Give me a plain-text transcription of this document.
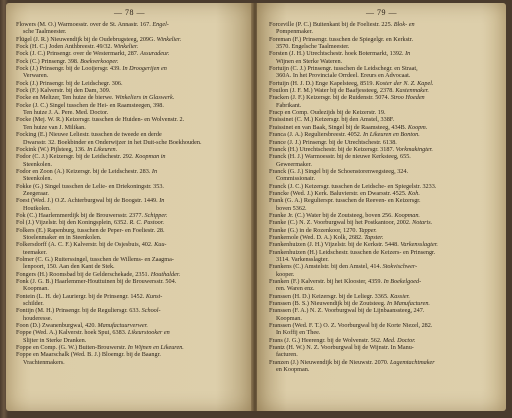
— 78 —
Flowers (M. O.) Warmoesstr. over de St. Annastr. 167. Engel-
sche Taalmeester.
Flügel (J. R.) Nieuwendijk bij de Oudebrugsteeg, 209G. Winkelier.
Fock (H. C.) Joden Anthbreestr. 49/32. Winkelier.
Fock (J. C.) Prinsengr. over de Westermarkt, 287. Assuradeur.
Fock (C.) Prinsengr. 398. Boekverkooper.
Fock (J.) Prinsengr. bij de Looijersgr. 439. In Droogerijen en
Verwaren.
Fock (J.) Prinsengr. bij de Leidschegr. 306.
Fock (F.) Kalverstr. bij den Dam, 309.
Focke en Meltzer, Ten huize de bierwe. Winkeliers in Glaswerk.
Focke (J. C.) Singel tusschen de Hei- en Raamsteegen, 398.
Ten huize J. A. Pere. Med. Doctor.
Focke (Mej. W. R.) Keizersgr. tusschen de Huiden- en Wolvenstr. 2.
Ten huize van J. Milikan.
Focking (E.) Nieuwe Leliestr. tusschen de tweede en derde
Dwarsstr. 32. Boekbinder en Onderwijzer in het Duit-sche Boekhouden.
Fockink (W.) Pijlsteeg, 136. In Likeuren.
Fodor (C. J.) Keizersgr. bij de Leidschestr. 292. Koopman in
Steenkolen.
Fodor en Zoon (A.) Keizersgr. bij de Leidschestr. 283. In
Steenkolen.
Fokke (G.) Singel tusschen de Lelie- en Driekoningstr. 353.
Zeegeraar.
Foest (Wed. J.) O.Z. Achterburgwal bij de Boogstr. 1449. In
Houtkolen.
Fok (C.) Haarlemmerdijk bij de Brouwersstr. 2377. Schipper.
Fol (J.) Vijzelstr. bij den Koningsplein, 6352. R. C. Pastoor.
Folkers (E.) Rapenburg, tusschen de Peper- en Foeliestr. 28.
Stoelenmaker en in Steenkolen.
Folkersdorff (A. C. F.) Kalverstr. bij de Osjesbuis, 402. Kuu-
teemaker.
Folmer (C. G.) Ruiterssingel, tusschen de Willems- en Zaagma-
lenpoort, 150. Aan den Kant de Stek.
Fongers (H.) Roomsbad bij de Gelderschekade, 2351. Houthalder.
Fonk (J. G. B.) Haarlemmer-Houttuinen bij de Brouwersstr. 504.
Koopman.
Fontein (L. H. de) Lauriergr. bij de Prinsengr. 1452. Kunst-
schilder.
Fontijn (M. H.) Prinsengr. bij de Reguliersgr. 633. School-
houderesse.
Foon (D.) Zwanenburgwal, 420. Manufactuurverwer.
Foppe (Wed. A.) Kalverstr. hoek Spui, 6383. Likeurstooker en
Slijter in Sterke Dranken.
Foppe en Comp. (G. W.) Buiten-Brouwerstr. In Wijnen en Likeuren.
Foppe en Maarschalk (Wed. B. J.) Bloemgr. bij de Baangr.
Vrachtenmakers.
— 79 —
Forceville (P. C.) Buitenkant bij de Foeliestr. 225. Blok- en
Pompenmaker.
Foreman (F.) Prinsengr. tusschen de Spiegelgr. en Kerkstr.
3570. Engelsche Taalmeester.
Forsten (J. H.) Utrechtschestr. hoek Botermarkt, 1392. In
Wijnen en Sterke Wateren.
Fortuijn (C. J.) Prinsengr. tusschen de Leidschegr. en Straat,
360A. In het Provinciale Orrdeel. Ereurs en Advocaat.
Fortuijn (H. J. D.) Enge Kapelsteeg, 8519. Koster der N. Z. Kapel.
Fouilon (J. F. M.) Water bij de Baafjessteeg, 2378. Kastenmaker.
Fracken (J. F.) Keizersgr. bij de Ruidenstr. 5074. Stroo Hoeden
Fabrikant.
Fracp en Comp. Oudezijds bij de Keizerstr. 19.
Fraissinet (C. M.) Keizersgr. bij den Amstel, 338F.
Fraissinet en van Baak, Singel bij de Raamsteeg, 434B. Koopm.
Franca (J. A.) Reguliersbreestr. 4052. In Likeuren en Bonton.
France (J. J.) Prinsengr. bij de Utrechtschestr. 6138.
Franck (H.) Utrechtschestr. bij de Keizersgr. 3187. Vorkmakingter.
Franck (H. J.) Warmoesstr. bij de nieuwe Kerksteeg, 655.
Geweermaker.
Franck (G. J.) Singel bij de Schoenstorenwegsteeg, 324.
Commissionair.
Franck (J. C.) Keizersgr. tusschen de Leidsche- en Spiegelstr. 3233.
Francke (Wed. J.) Kerk. Baluvierstr. en Dwarsstr. 4525. Koh.
Frank (G. A.) Regulierspr. tusschen de Reeven- en Keizersgr.
boven 5362.
Franke Jr. (C.) Water bij de Zoutsteeg, boven 256. Koopman.
Franke (C.) N. Z. Voorburgwal bij het Postkantoor, 2002. Notaris.
Franke (G.) in de Rozenkoor, 1270. Tapper.
Frankemole (Wed. D. A.) Kolk, 2682. Tapster.
Frankenhuizen (J. H.) Vijzelstr. bij de Kerkstr. 5448. Varkensslagter.
Frankenhuizen (H.) Leidschestr. tusschen de Keizers- en Prinsengr.
3114. Varkensslagter.
Frankens (C.) Amstelstr. bij den Amstel, 414. Stokvischwer-
kooper.
Franken (F.) Kalverstr. bij het Klooster, 4359. In Boekelgoed-
ren. Waren enz.
Franssen (H. D.) Keizersgr. bij de Leliegr. 3365. Kassier.
Franssen (B. S.) Nieuwendijk bij de Zoutsteeg. In Manufacturen.
Franssen (F. A.) N. Z. Voorburgwal bij de Lijnbaanssteeg, 247.
Koopman.
Franssen (Wed. F. T.) O. Z. Voorburgwal bij de Korte Niezel, 282.
In Koffij en Thee.
Frans (J. G.) Heerengr. bij de Wolvenstr. 562. Med. Doctor.
Frantz (H. W.) N. Z. Voorburgwal bij de Wijnstr. In Manu-
facturen.
Franzen (J.) Nieuwendijk bij de Nieuwstr. 2070. Lagemtachtmaker
en Koopman.
